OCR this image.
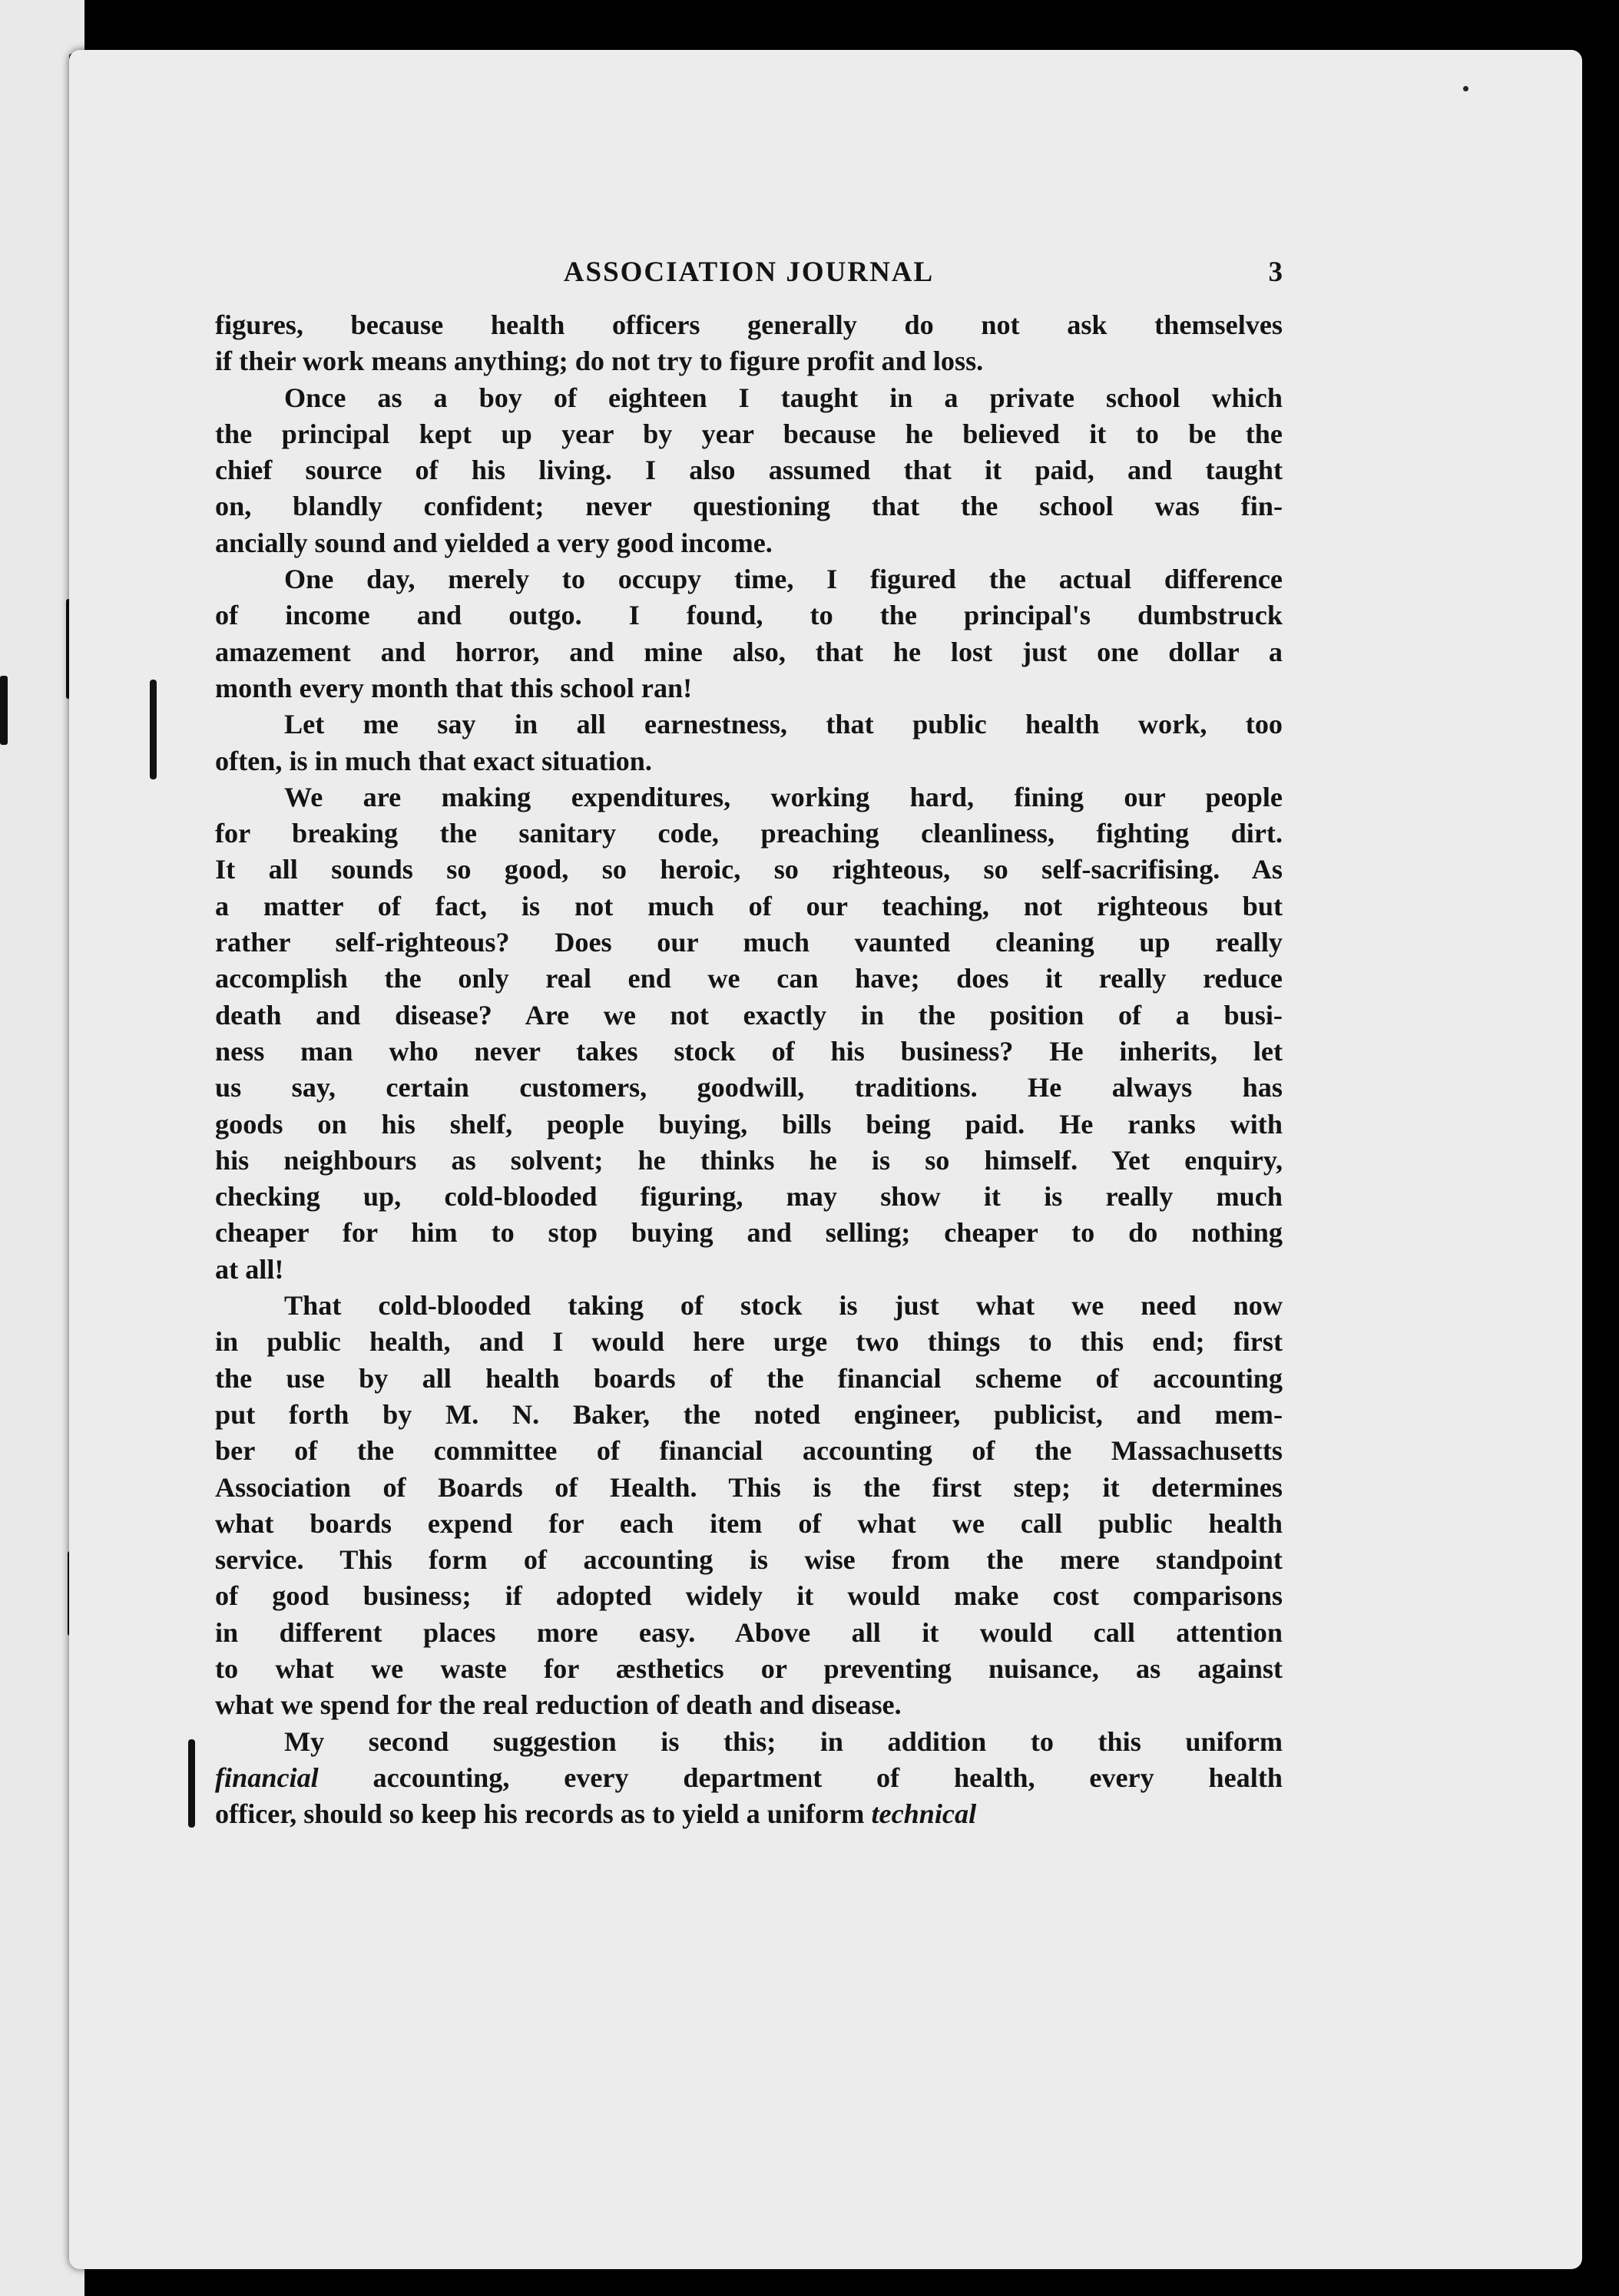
ASSOCIATION JOURNAL	3

figures, because health officers generally do not ask themselves
if their work means anything; do not try to figure profit and loss.

Once as a boy of eighteen I taught in a private school which
the principal kept up year by year because he believed it to be the
chief source of his living. I also assumed that it paid, and taught
on, blandly confident; never questioning that the school was fin-
ancially sound and yielded a very good income.

One day, merely to occupy time, I figured the actual difference
of income and outgo. I found, to the principal's dumbstruck
amazement and horror, and mine also, that he lost just one dollar a
month every month that this school ran!

Let me say in all earnestness, that public health work, too
often, is in much that exact situation.

We are making expenditures, working hard, fining our people
for breaking the sanitary code, preaching cleanliness, fighting dirt.
It all sounds so good, so heroic, so righteous, so self-sacrifising. As
a matter of fact, is not much of our teaching, not righteous but
rather self-righteous? Does our much vaunted cleaning up really
accomplish the only real end we can have; does it really reduce
death and disease? Are we not exactly in the position of a busi-
ness man who never takes stock of his business? He inherits, let
us say, certain customers, goodwill, traditions. He always has
goods on his shelf, people buying, bills being paid. He ranks with
his neighbours as solvent; he thinks he is so himself. Yet enquiry,
checking up, cold-blooded figuring, may show it is really much
cheaper for him to stop buying and selling; cheaper to do nothing
at all!

That cold-blooded taking of stock is just what we need now
in public health, and I would here urge two things to this end; first
the use by all health boards of the financial scheme of accounting
put forth by M. N. Baker, the noted engineer, publicist, and mem-
ber of the committee of financial accounting of the Massachusetts
Association of Boards of Health. This is the first step; it determines
what boards expend for each item of what we call public health
service. This form of accounting is wise from the mere standpoint
of good business; if adopted widely it would make cost comparisons
in different places more easy. Above all it would call attention
to what we waste for æsthetics or preventing nuisance, as against
what we spend for the real reduction of death and disease.

My second suggestion is this; in addition to this uniform
financial accounting, every department of health, every health
officer, should so keep his records as to yield a uniform technical
